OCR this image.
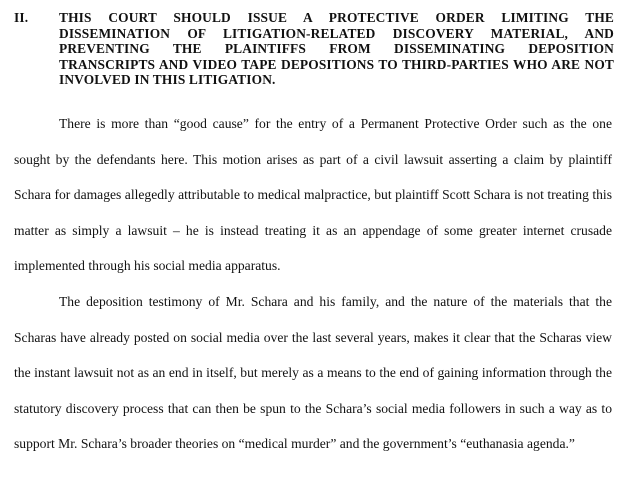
II.	THIS COURT SHOULD ISSUE A PROTECTIVE ORDER LIMITING THE DISSEMINATION OF LITIGATION-RELATED DISCOVERY MATERIAL, AND PREVENTING THE PLAINTIFFS FROM DISSEMINATING DEPOSITION TRANSCRIPTS AND VIDEO TAPE DEPOSITIONS TO THIRD-PARTIES WHO ARE NOT INVOLVED IN THIS LITIGATION.

There is more than “good cause” for the entry of a Permanent Protective Order such as the one sought by the defendants here. This motion arises as part of a civil lawsuit asserting a claim by plaintiff Schara for damages allegedly attributable to medical malpractice, but plaintiff Scott Schara is not treating this matter as simply a lawsuit – he is instead treating it as an appendage of some greater internet crusade implemented through his social media apparatus.

The deposition testimony of Mr. Schara and his family, and the nature of the materials that the Scharas have already posted on social media over the last several years, makes it clear that the Scharas view the instant lawsuit not as an end in itself, but merely as a means to the end of gaining information through the statutory discovery process that can then be spun to the Schara’s social media followers in such a way as to support Mr. Schara’s broader theories on “medical murder” and the government’s “euthanasia agenda.”
